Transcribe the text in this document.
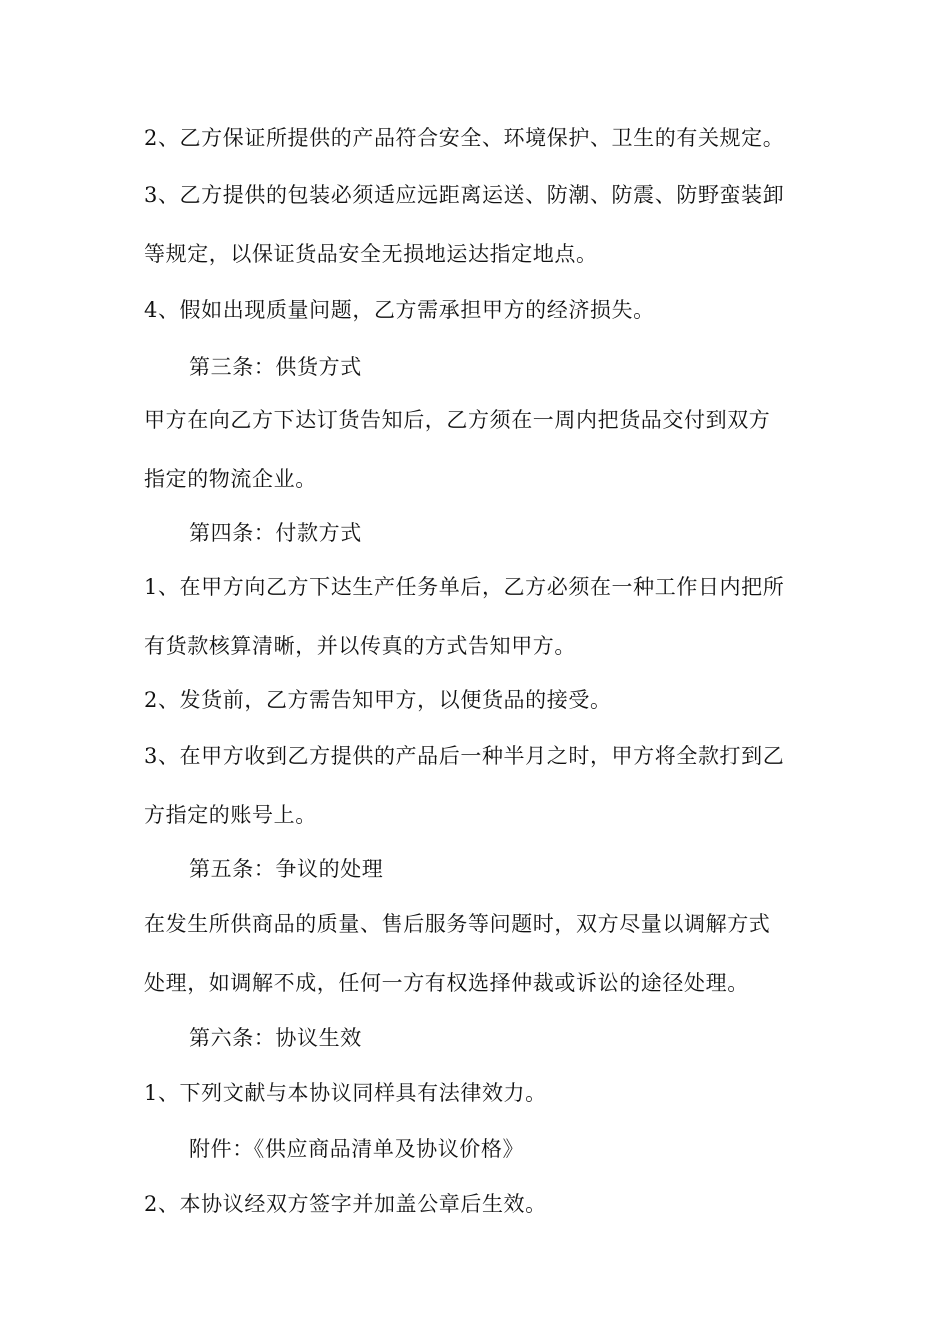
2、乙方保证所提供的产品符合安全、环境保护、卫生的有关规定。
3、乙方提供的包装必须适应远距离运送、防潮、防震、防野蛮装卸
等规定，以保证货品安全无损地运达指定地点。
4、假如出现质量问题，乙方需承担甲方的经济损失。
第三条：供货方式
甲方在向乙方下达订货告知后，乙方须在一周内把货品交付到双方
指定的物流企业。
第四条：付款方式
1、在甲方向乙方下达生产任务单后，乙方必须在一种工作日内把所
有货款核算清晰，并以传真的方式告知甲方。
2、发货前，乙方需告知甲方，以便货品的接受。
3、在甲方收到乙方提供的产品后一种半月之时，甲方将全款打到乙
方指定的账号上。
第五条：争议的处理
在发生所供商品的质量、售后服务等问题时，双方尽量以调解方式
处理，如调解不成，任何一方有权选择仲裁或诉讼的途径处理。
第六条：协议生效
1、下列文献与本协议同样具有法律效力。
附件：《供应商品清单及协议价格》
2、本协议经双方签字并加盖公章后生效。
